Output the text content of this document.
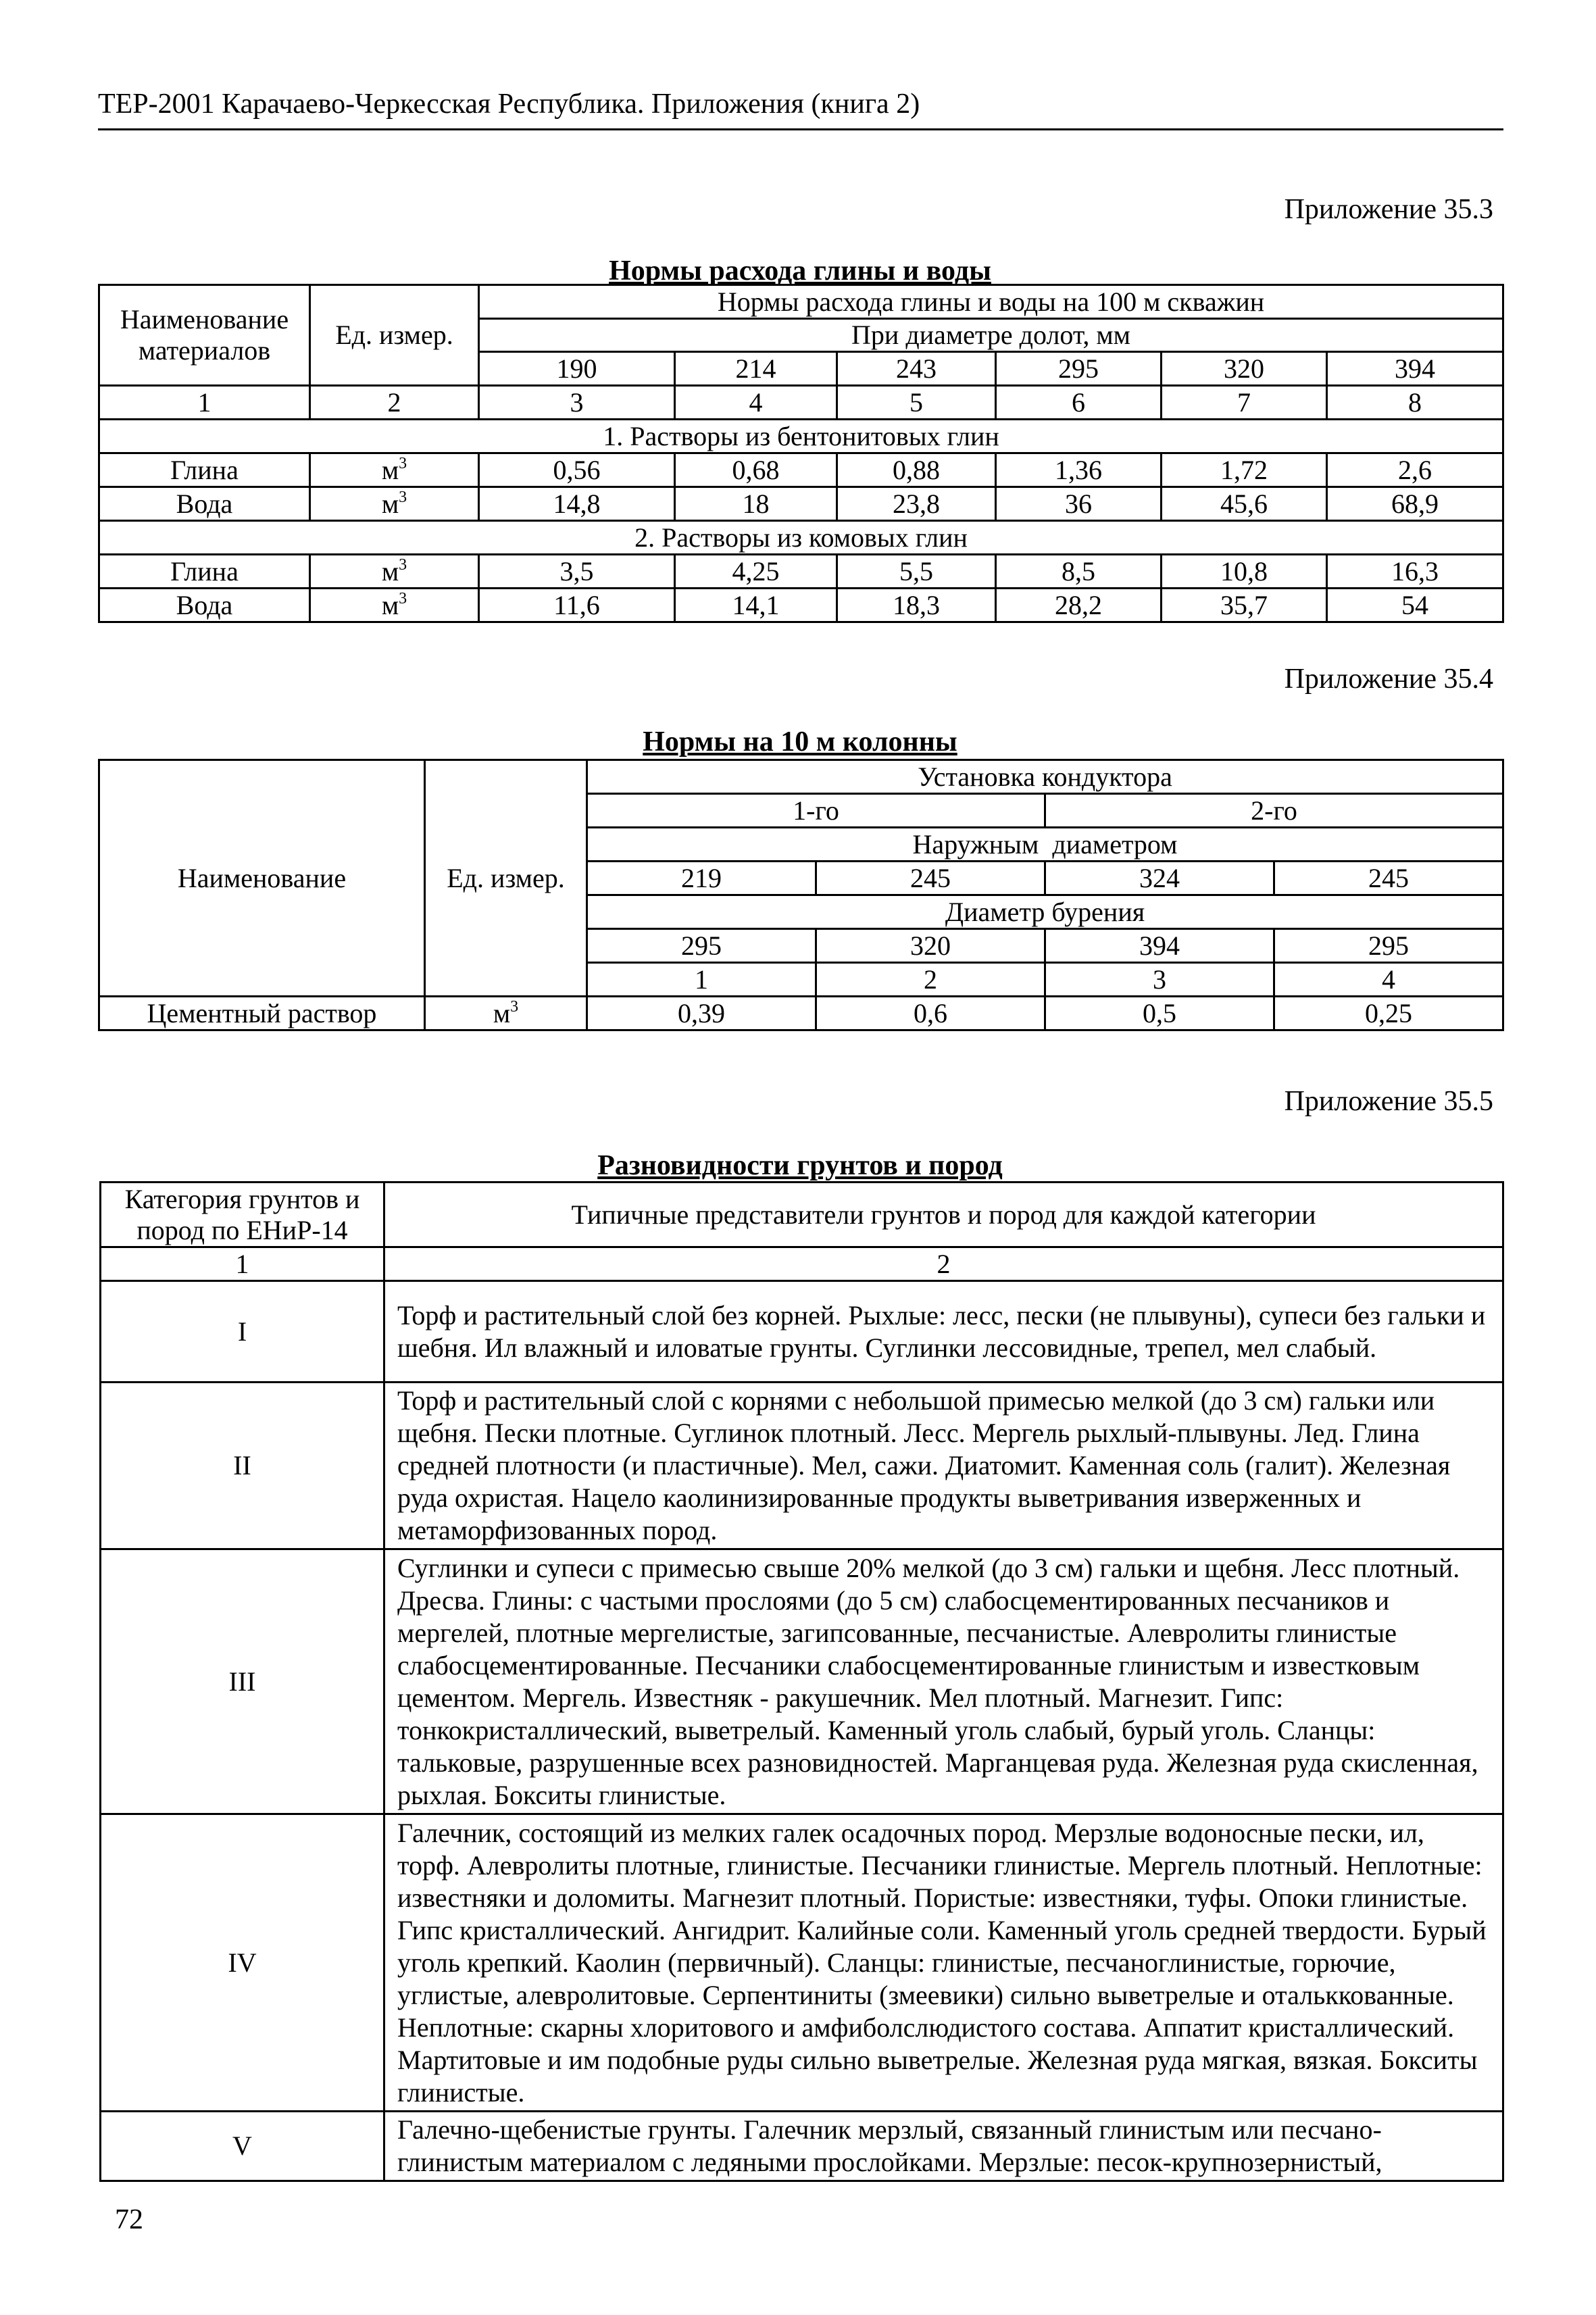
ТЕР-2001 Карачаево-Черкесская Республика. Приложения (книга 2)
Приложение 35.3
Нормы расхода глины и воды
Наименование материалов	Ед. измер.	Нормы расхода глины и воды на 100 м скважин					
		При диаметре долот, мм					
		190	214	243	295	320	394
1	2	3	4	5	6	7	8
1. Растворы из бентонитовых глин							
Глина	$м^3$	0,56	0,68	0,88	1,36	1,72	2,6
Вода	$м^3$	14,8	18	23,8	36	45,6	68,9
2. Растворы из комовых глин							
Глина	$м^3$	3,5	4,25	5,5	8,5	10,8	16,3
Вода	$м^3$	11,6	14,1	18,3	28,2	35,7	54
Приложение 35.4
Нормы на 10 м колонны
Наименование	Ед. измер.	Установка кондуктора			
		1-го		2-го	
		Наружным  диаметром			
		219	245	324	245
		Диаметр бурения			
		295	320	394	295
		1	2	3	4
Цементный раствор	$м^3$	0,39	0,6	0,5	0,25
Приложение 35.5
Разновидности грунтов и пород
Категория грунтов и пород по ЕНиР-14	Типичные представители грунтов и пород для каждой категории
1	2
I	Торф и растительный слой без корней. Рыхлые: лесс, пески (не плывуны), супеси без гальки и шебня. Ил влажный и иловатые грунты. Суглинки лессовидные, трепел, мел слабый.
II	Торф и растительный слой с корнями с небольшой примесью мелкой (до 3 см) гальки или щебня. Пески плотные. Суглинок плотный. Лесс. Мергель рыхлый-плывуны. Лед. Глина средней плотности (и пластичные). Мел, сажи. Диатомит. Каменная соль (галит). Железная руда охристая. Нацело каолинизированные продукты выветривания изверженных и метаморфизованных пород.
III	Суглинки и супеси с примесью свыше 20% мелкой (до 3 см) гальки и щебня. Лесс плотный. Дресва. Глины: с частыми прослоями (до 5 см) слабосцементированных песчаников и мергелей, плотные мергелистые, загипсованные, песчанистые. Алевролиты глинистые слабосцементированные. Песчаники слабосцементированные глинистым и известковым цементом. Мергель. Известняк - ракушечник. Мел плотный. Магнезит. Гипс: тонкокристаллический, выветрелый. Каменный уголь слабый, бурый уголь. Сланцы: тальковые, разрушенные всех разновидностей. Марганцевая руда. Железная руда скисленная, рыхлая. Бокситы глинистые.
IV	Галечник, состоящий из мелких галек осадочных пород. Мерзлые водоносные пески, ил, торф. Алевролиты плотные, глинистые. Песчаники глинистые. Мергель плотный. Неплотные: известняки и доломиты. Магнезит плотный. Пористые: известняки, туфы. Опоки глинистые. Гипс кристаллический. Ангидрит. Калийные соли. Каменный уголь средней твердости. Бурый уголь крепкий. Каолин (первичный). Сланцы: глинистые, песчаноглинистые, горючие, углистые, алевролитовые. Серпентиниты (змеевики) сильно выветрелые и отальккованные. Неплотные: скарны хлоритового и амфиболслюдистого состава. Аппатит кристаллический. Мартитовые и им подобные руды сильно выветрелые. Железная руда мягкая, вязкая. Бокситы глинистые.
V	Галечно-щебенистые грунты. Галечник мерзлый, связанный глинистым или песчано-глинистым материалом с ледяными прослойками. Мерзлые: песок-крупнозернистый,
72
